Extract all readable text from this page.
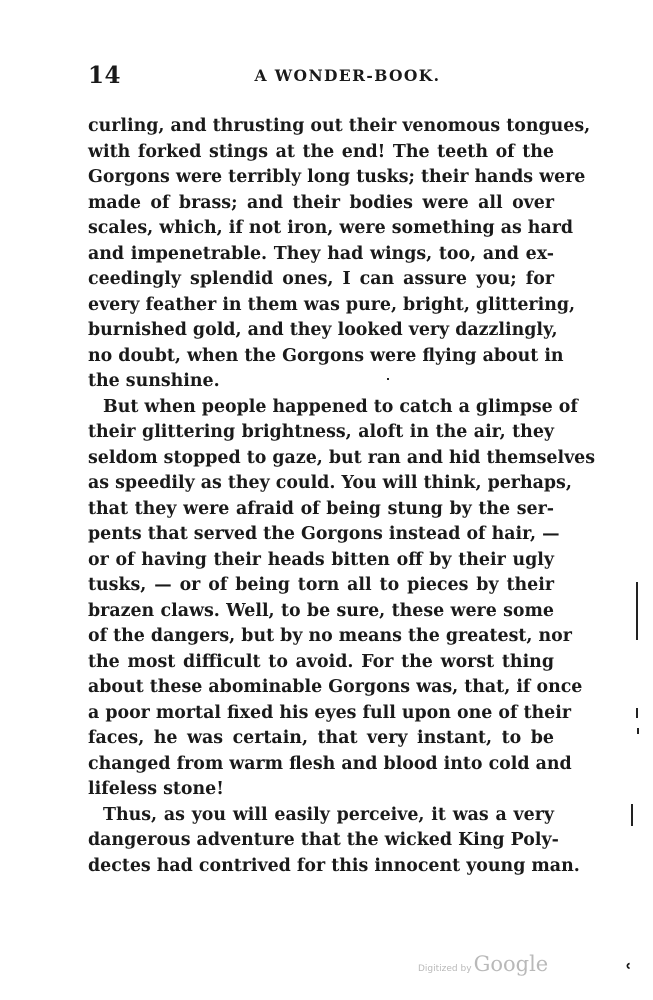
14	A WONDER-BOOK.
curling, and thrusting out their venomous tongues,
with forked stings at the end! The teeth of the
Gorgons were terribly long tusks; their hands were
made of brass; and their bodies were all over
scales, which, if not iron, were something as hard
and impenetrable. They had wings, too, and ex-
ceedingly splendid ones, I can assure you; for
every feather in them was pure, bright, glittering,
burnished gold, and they looked very dazzlingly,
no doubt, when the Gorgons were flying about in
the sunshine.
But when people happened to catch a glimpse of
their glittering brightness, aloft in the air, they
seldom stopped to gaze, but ran and hid themselves
as speedily as they could. You will think, perhaps,
that they were afraid of being stung by the ser-
pents that served the Gorgons instead of hair, —
or of having their heads bitten off by their ugly
tusks, — or of being torn all to pieces by their
brazen claws. Well, to be sure, these were some
of the dangers, but by no means the greatest, nor
the most difficult to avoid. For the worst thing
about these abominable Gorgons was, that, if once
a poor mortal fixed his eyes full upon one of their
faces, he was certain, that very instant, to be
changed from warm flesh and blood into cold and
lifeless stone!
Thus, as you will easily perceive, it was a very
dangerous adventure that the wicked King Poly-
dectes had contrived for this innocent young man.
Digitized byGoogle	ʿ
